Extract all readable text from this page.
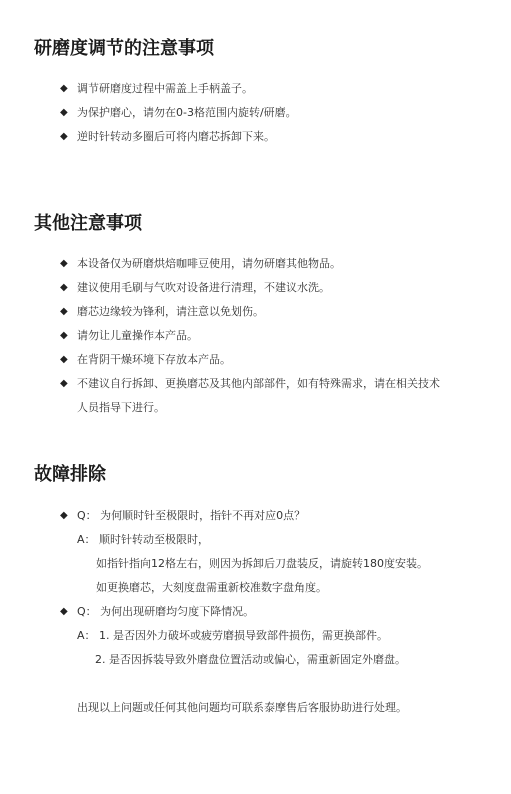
研磨度调节的注意事项
◆ 调节研磨度过程中需盖上手柄盖子。
◆ 为保护磨心，请勿在0-3格范围内旋转/研磨。
◆ 逆时针转动多圈后可将内磨芯拆卸下来。
其他注意事项
◆ 本设备仅为研磨烘焙咖啡豆使用，请勿研磨其他物品。
◆ 建议使用毛刷与气吹对设备进行清理，不建议水洗。
◆ 磨芯边缘较为锋利，请注意以免划伤。
◆ 请勿让儿童操作本产品。
◆ 在背阴干燥环境下存放本产品。
◆ 不建议自行拆卸、更换磨芯及其他内部部件，如有特殊需求，请在相关技术
人员指导下进行。
故障排除
◆ Q： 为何顺时针至极限时，指针不再对应0点？
A： 顺时针转动至极限时，
如指针指向12格左右，则因为拆卸后刀盘装反，请旋转180度安装。
如更换磨芯，大刻度盘需重新校准数字盘角度。
◆ Q： 为何出现研磨均匀度下降情况。
A： 1. 是否因外力破坏或疲劳磨损导致部件损伤，需更换部件。
2. 是否因拆装导致外磨盘位置活动或偏心，需重新固定外磨盘。
出现以上问题或任何其他问题均可联系泰摩售后客服协助进行处理。
